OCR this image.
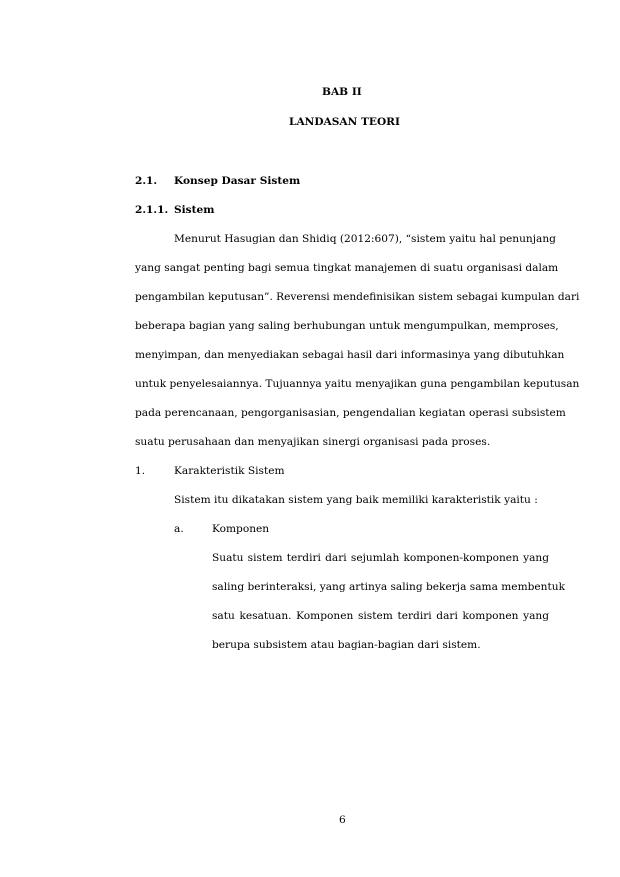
BAB II
LANDASAN TEORI
2.1. Konsep Dasar Sistem
2.1.1. Sistem
Menurut Hasugian dan Shidiq (2012:607), “sistem yaitu hal penunjang
yang sangat penting bagi semua tingkat manajemen di suatu organisasi dalam
pengambilan keputusan”. Reverensi mendefinisikan sistem sebagai kumpulan dari
beberapa bagian yang saling berhubungan untuk mengumpulkan, memproses,
menyimpan, dan menyediakan sebagai hasil dari informasinya yang dibutuhkan
untuk penyelesaiannya. Tujuannya yaitu menyajikan guna pengambilan keputusan
pada perencanaan, pengorganisasian, pengendalian kegiatan operasi subsistem
suatu perusahaan dan menyajikan sinergi organisasi pada proses.
1.	Karakteristik Sistem
Sistem itu dikatakan sistem yang baik memiliki karakteristik yaitu :
a.	Komponen
Suatu sistem terdiri dari sejumlah komponen-komponen yang
saling berinteraksi, yang artinya saling bekerja sama membentuk
satu kesatuan. Komponen sistem terdiri dari komponen yang
berupa subsistem atau bagian-bagian dari sistem.
6
